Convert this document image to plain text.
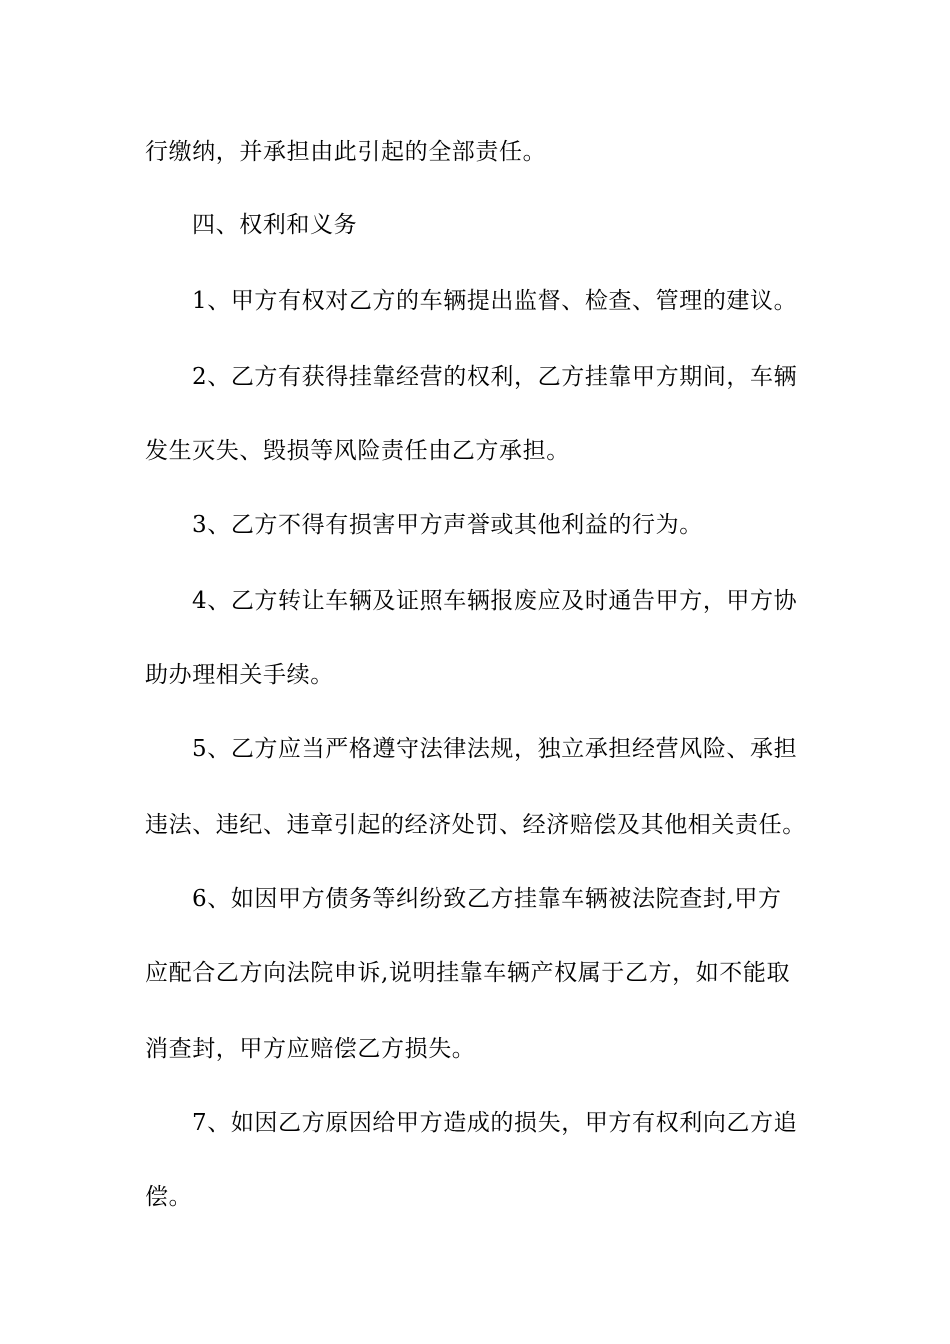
行缴纳，并承担由此引起的全部责任。
四、权利和义务
1、甲方有权对乙方的车辆提出监督、检查、管理的建议。
2、乙方有获得挂靠经营的权利，乙方挂靠甲方期间，车辆
发生灭失、毁损等风险责任由乙方承担。
3、乙方不得有损害甲方声誉或其他利益的行为。
4、乙方转让车辆及证照车辆报废应及时通告甲方，甲方协
助办理相关手续。
5、乙方应当严格遵守法律法规，独立承担经营风险、承担
违法、违纪、违章引起的经济处罚、经济赔偿及其他相关责任。
6、如因甲方债务等纠纷致乙方挂靠车辆被法院查封,甲方
应配合乙方向法院申诉,说明挂靠车辆产权属于乙方，如不能取
消查封，甲方应赔偿乙方损失。
7、如因乙方原因给甲方造成的损失，甲方有权利向乙方追
偿。
